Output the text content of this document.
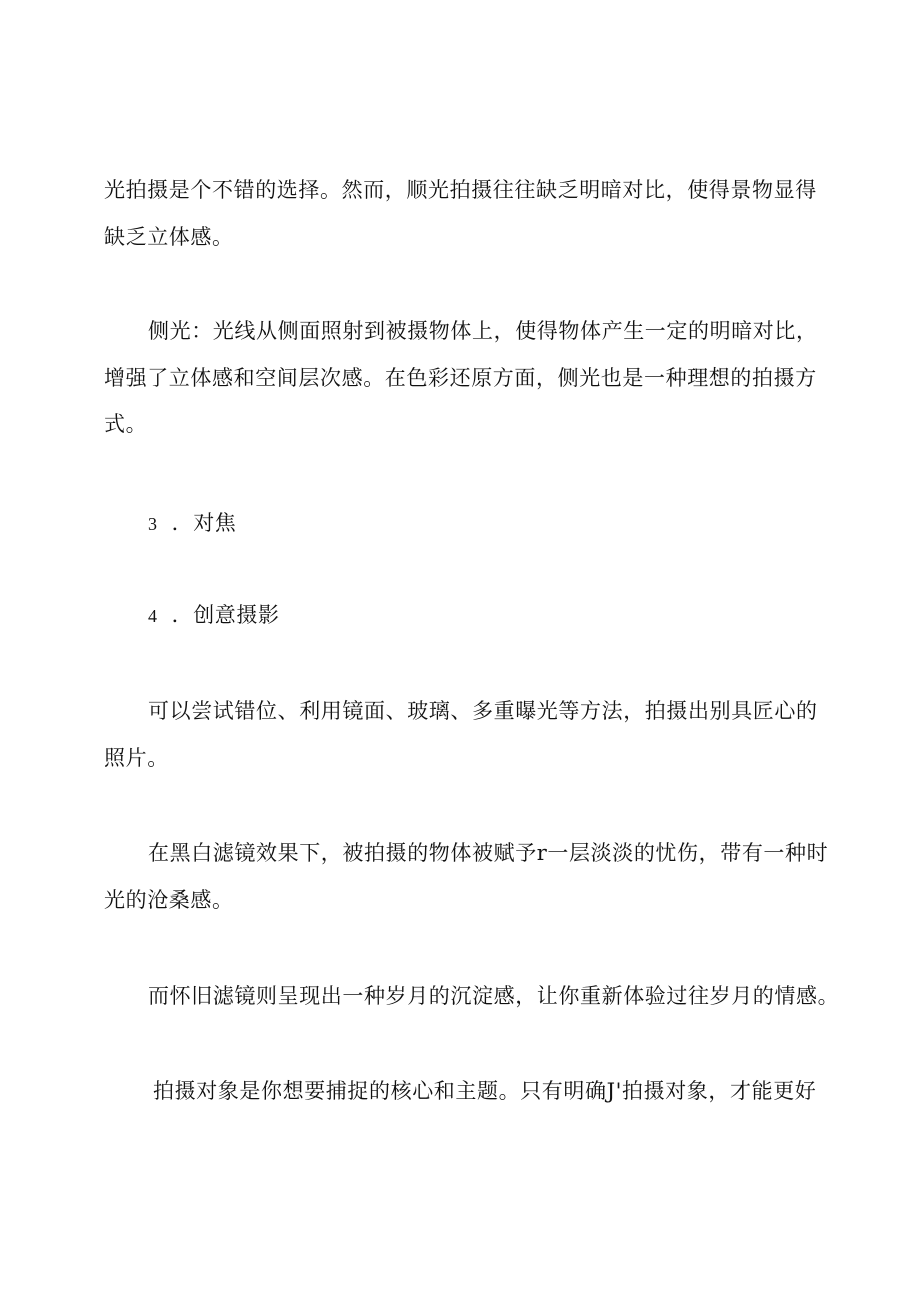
光拍摄是个不错的选择。然而，顺光拍摄往往缺乏明暗对比，使得景物显得
缺乏立体感。
侧光：光线从侧面照射到被摄物体上，使得物体产生一定的明暗对比，
增强了立体感和空间层次感。在色彩还原方面，侧光也是一种理想的拍摄方
式。
3 ．对焦
4 ．创意摄影
可以尝试错位、利用镜面、玻璃、多重曝光等方法，拍摄出别具匠心的
照片。
在黑白滤镜效果下，被拍摄的物体被赋予r一层淡淡的忧伤，带有一种时
光的沧桑感。
而怀旧滤镜则呈现出一种岁月的沉淀感，让你重新体验过往岁月的情感。
拍摄对象是你想要捕捉的核心和主题。只有明确J'拍摄对象，才能更好
